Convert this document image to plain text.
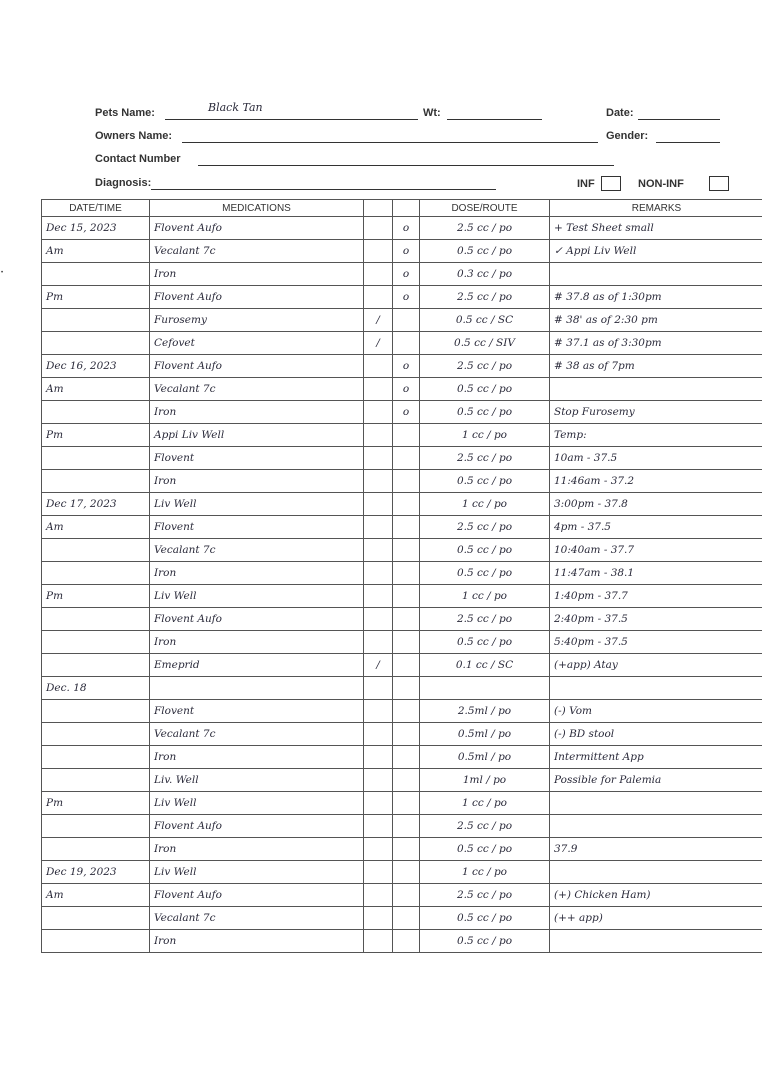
Pets Name:	Black Tan	Wt:	Date:
Owners Name:	Gender:
Contact Number
Diagnosis:	INF	NON-INF
•
DATE/TIME	MEDICATIONS			DOSE/ROUTE	REMARKS
Dec 15, 2023	Flovent Aufo		o	2.5 cc / po	+ Test Sheet small
Am	Vecalant 7c		o	0.5 cc / po	✓ Appi Liv Well
	Iron		o	0.3 cc / po	
Pm	Flovent Aufo		o	2.5 cc / po	# 37.8 as of 1:30pm
	Furosemy	/		0.5 cc / SC	# 38' as of 2:30 pm
	Cefovet	/		0.5 cc / SIV	# 37.1 as of 3:30pm
Dec 16, 2023	Flovent Aufo		o	2.5 cc / po	# 38 as of 7pm
Am	Vecalant 7c		o	0.5 cc / po	
	Iron		o	0.5 cc / po	Stop Furosemy
Pm	Appi Liv Well			1 cc / po	Temp:
	Flovent			2.5 cc / po	10am - 37.5
	Iron			0.5 cc / po	11:46am - 37.2
Dec 17, 2023	Liv Well			1 cc / po	3:00pm - 37.8
Am	Flovent			2.5 cc / po	4pm - 37.5
	Vecalant 7c			0.5 cc / po	10:40am - 37.7
	Iron			0.5 cc / po	11:47am - 38.1
Pm	Liv Well			1 cc / po	1:40pm - 37.7
	Flovent Aufo			2.5 cc / po	2:40pm - 37.5
	Iron			0.5 cc / po	5:40pm - 37.5
	Emeprid	/		0.1 cc / SC	(+app) Atay
Dec. 18					
	Flovent			2.5ml / po	(-) Vom
	Vecalant 7c			0.5ml / po	(-) BD stool
	Iron			0.5ml / po	Intermittent App
	Liv. Well			1ml / po	Possible for Palemia
Pm	Liv Well			1 cc / po	
	Flovent Aufo			2.5 cc / po	
	Iron			0.5 cc / po	37.9
Dec 19, 2023	Liv Well			1 cc / po	
Am	Flovent Aufo			2.5 cc / po	(+) Chicken Ham)
	Vecalant 7c			0.5 cc / po	(++ app)
	Iron			0.5 cc / po	
